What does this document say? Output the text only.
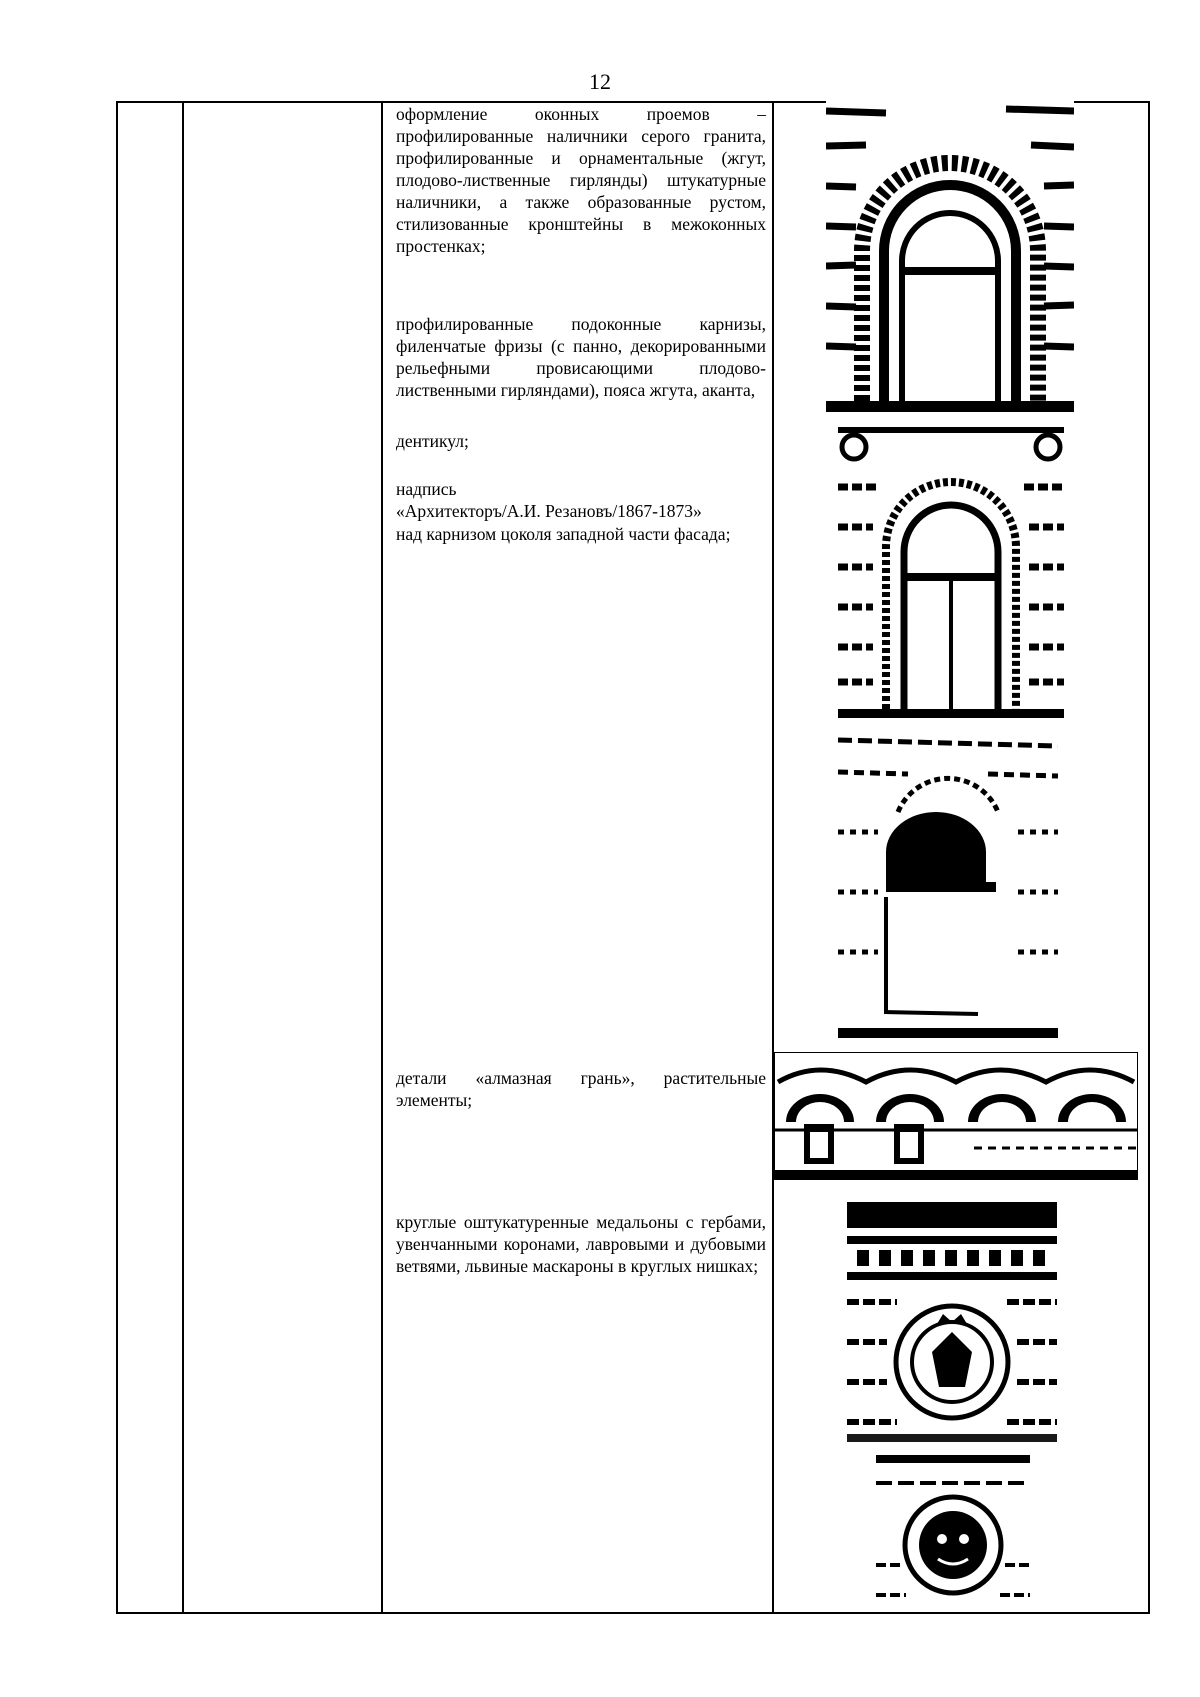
12
оформление оконных проемов – профилированные наличники серого гранита, профилированные и орнаментальные (жгут, плодово-лиственные гирлянды) штукатурные наличники, а также образованные рустом, стилизованные кронштейны в межоконных простенках;
профилированные подоконные карнизы, филенчатые фризы (с панно, декорированными рельефными провисающими плодово-лиственными гирляндами), пояса жгута, аканта,
дентикул;
надпись
«Архитекторъ/А.И. Резановъ/1867-1873»
над карнизом цоколя западной части фасада;
детали «алмазная грань», растительные элементы;
круглые оштукатуренные медальоны с гербами, увенчанными коронами, лавровыми и дубовыми ветвями, львиные маскароны в круглых нишках;
